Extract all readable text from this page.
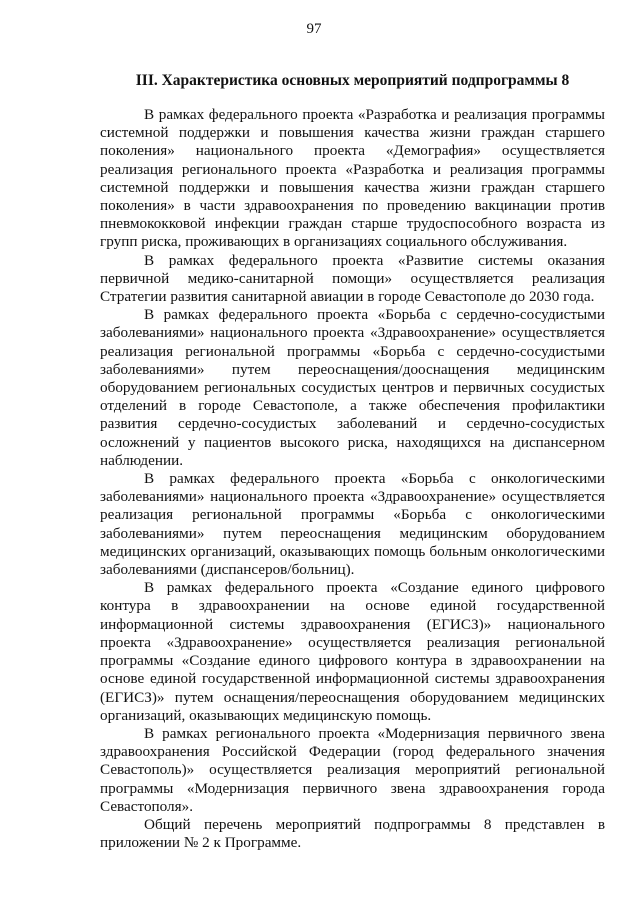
97
III. Характеристика основных мероприятий подпрограммы 8

В рамках федерального проекта «Разработка и реализация программы системной поддержки и повышения качества жизни граждан старшего поколения» национального проекта «Демография» осуществляется реализация регионального проекта «Разработка и реализация программы системной поддержки и повышения качества жизни граждан старшего поколения» в части здравоохранения по проведению вакцинации против пневмококковой инфекции граждан старше трудоспособного возраста из групп риска, проживающих в организациях социального обслуживания.

В рамках федерального проекта «Развитие системы оказания первичной медико-санитарной помощи» осуществляется реализация Стратегии развития санитарной авиации в городе Севастополе до 2030 года.

В рамках федерального проекта «Борьба с сердечно-сосудистыми заболеваниями» национального проекта «Здравоохранение» осуществляется реализация региональной программы «Борьба с сердечно-сосудистыми заболеваниями» путем переоснащения/дооснащения медицинским оборудованием региональных сосудистых центров и первичных сосудистых отделений в городе Севастополе, а также обеспечения профилактики развития сердечно-сосудистых заболеваний и сердечно-сосудистых осложнений у пациентов высокого риска, находящихся на диспансерном наблюдении.

В рамках федерального проекта «Борьба с онкологическими заболеваниями» национального проекта «Здравоохранение» осуществляется реализация региональной программы «Борьба с онкологическими заболеваниями» путем переоснащения медицинским оборудованием медицинских организаций, оказывающих помощь больным онкологическими заболеваниями (диспансеров/больниц).

В рамках федерального проекта «Создание единого цифрового контура в здравоохранении на основе единой государственной информационной системы здравоохранения (ЕГИСЗ)» национального проекта «Здравоохранение» осуществляется реализация региональной программы «Создание единого цифрового контура в здравоохранении на основе единой государственной информационной системы здравоохранения (ЕГИСЗ)» путем оснащения/переоснащения оборудованием медицинских организаций, оказывающих медицинскую помощь.

В рамках регионального проекта «Модернизация первичного звена здравоохранения Российской Федерации (город федерального значения Севастополь)» осуществляется реализация мероприятий региональной программы «Модернизация первичного звена здравоохранения города Севастополя».

Общий перечень мероприятий подпрограммы 8 представлен в приложении № 2 к Программе.
